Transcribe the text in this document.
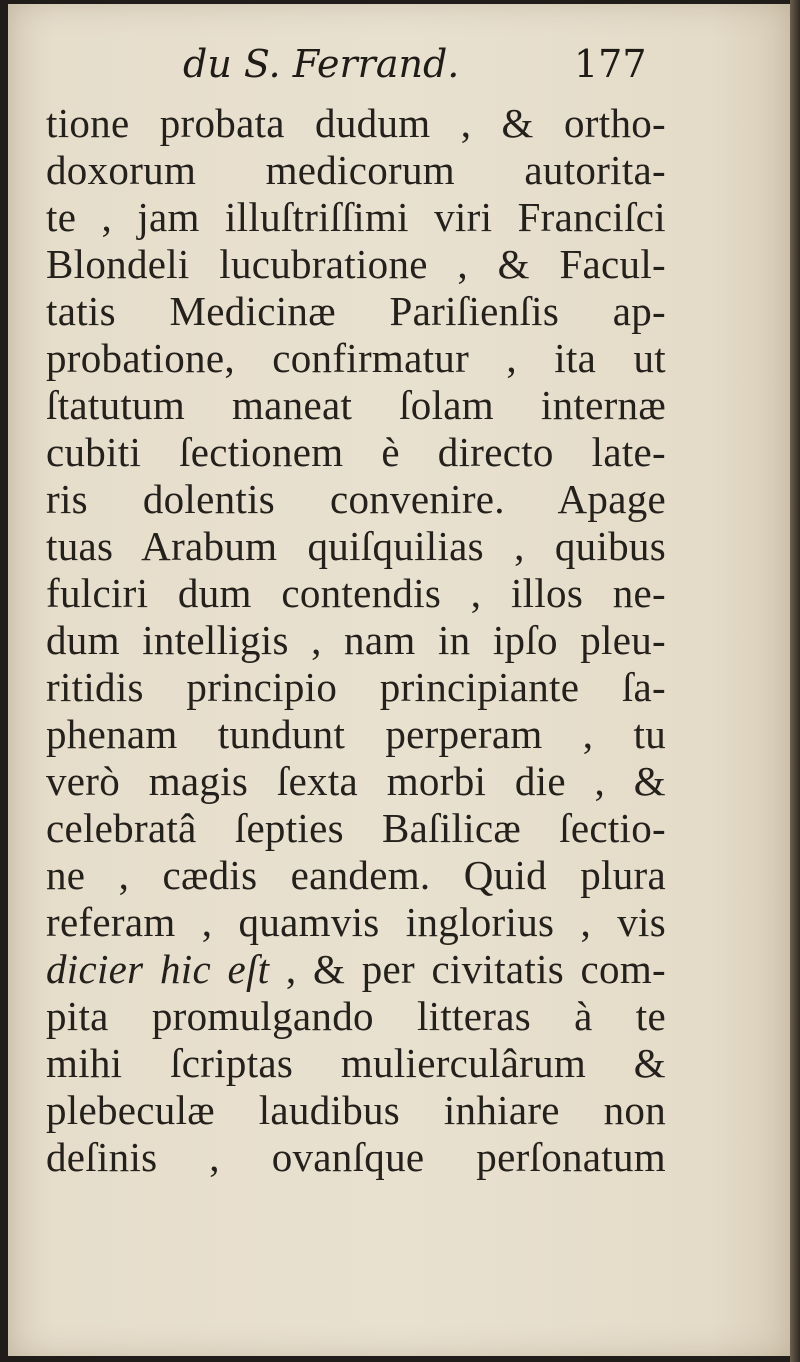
du S. Ferrand.	177
tione probata dudum , & ortho-
doxorum medicorum autorita-
te , jam illuſtriſſimi viri Franciſci
Blondeli lucubratione , & Facul-
tatis Medicinæ Pariſienſis ap-
probatione, confirmatur , ita ut
ſtatutum maneat ſolam internæ
cubiti ſectionem è directo late-
ris dolentis convenire. Apage
tuas Arabum quiſquilias , quibus
fulciri dum contendis , illos ne-
dum intelligis , nam in ipſo pleu-
ritidis principio principiante ſa-
phenam tundunt perperam , tu
verò magis ſexta morbi die , &
celebratâ ſepties Baſilicæ ſectio-
ne , cædis eandem. Quid plura
referam , quamvis inglorius , vis
dicier hic eſt , & per civitatis com-
pita promulgando litteras à te
mihi ſcriptas mulierculârum &
plebeculæ laudibus inhiare non
deſinis , ovanſque perſonatum
